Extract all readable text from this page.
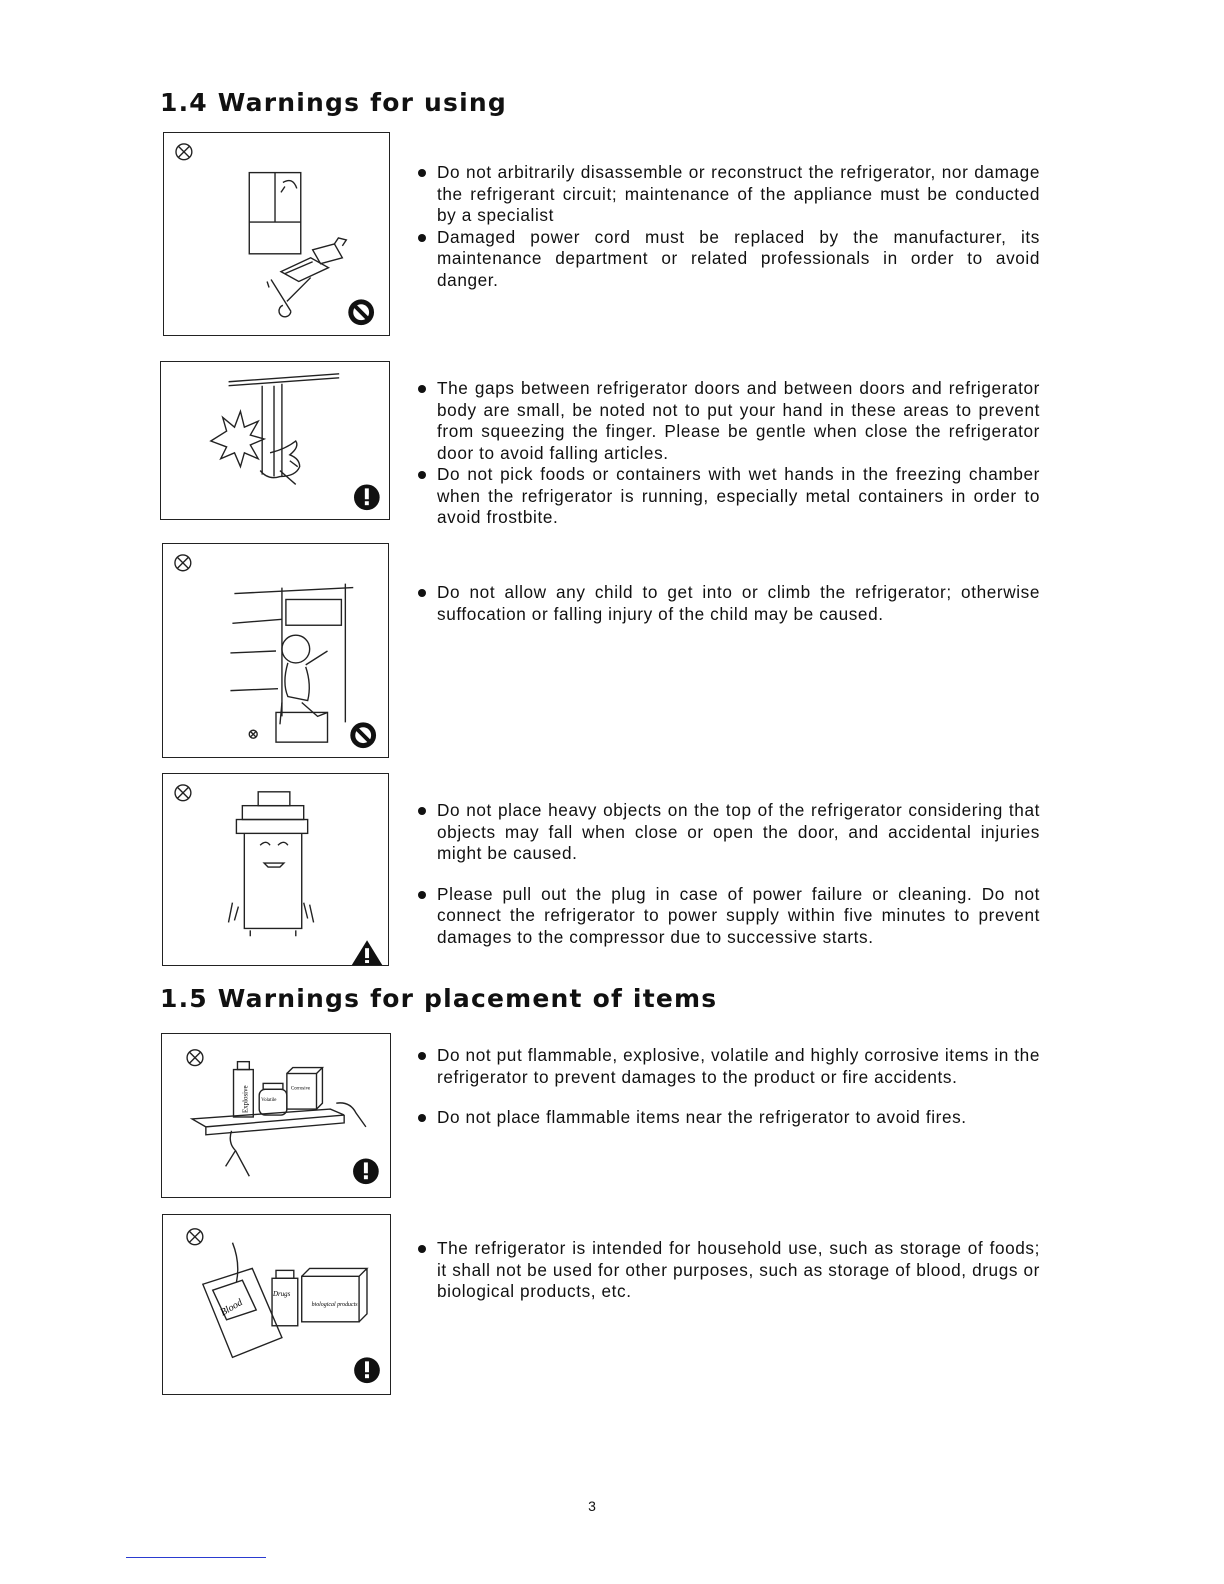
1.4 Warnings for using
Do not arbitrarily disassemble or reconstruct the refrigerator, nor damage the refrigerant circuit; maintenance of the appliance must be conducted by a specialist
Damaged power cord must be replaced by the manufacturer, its maintenance department or related professionals in order to avoid danger.
The gaps between refrigerator doors and between doors and refrigerator body are small, be noted not to put your hand in these areas to prevent from squeezing the finger. Please be gentle when close the refrigerator door to avoid falling articles.
Do not pick foods or containers with wet hands in the freezing chamber when the refrigerator is running, especially metal containers in order to avoid frostbite.
Do not allow any child to get into or climb the refrigerator; otherwise suffocation or falling injury of the child may be caused.
Do not place heavy objects on the top of the refrigerator considering that objects may fall when close or open the door, and accidental injuries might be caused.
Please pull out the plug in case of power failure or cleaning. Do not connect the refrigerator to power supply within five minutes to prevent damages to the compressor due to successive starts.
1.5 Warnings for placement of items
Explosive Volatile
Corrosive
Do not put flammable, explosive, volatile and highly corrosive items in the refrigerator to prevent damages to the product or fire accidents.
Do not place flammable items near the refrigerator to avoid fires.
Blood
Drugs
biological products
The refrigerator is intended for household use, such as storage of foods; it shall not be used for other purposes, such as storage of blood, drugs or biological products, etc.
3
